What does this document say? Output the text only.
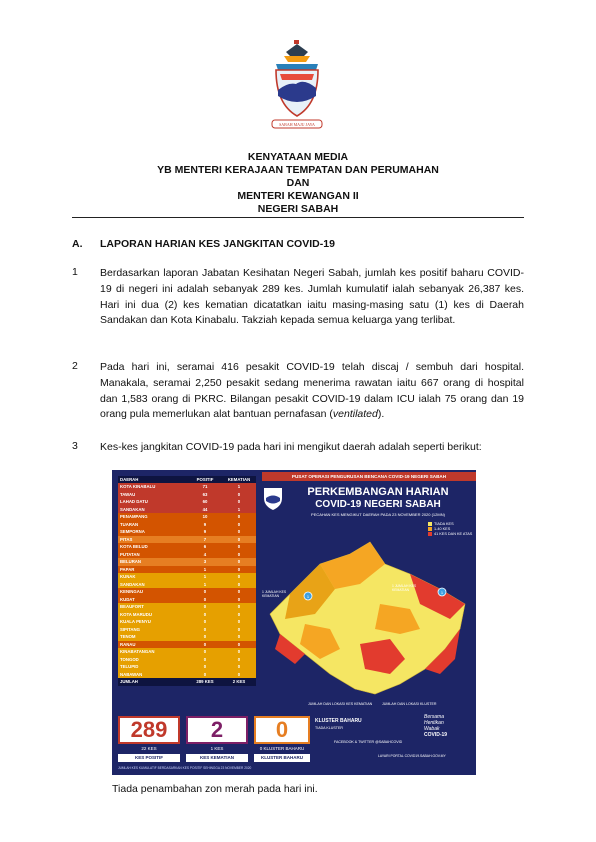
SABAH MAJU JAYA
KENYATAAN MEDIA
YB MENTERI KERAJAAN TEMPATAN DAN PERUMAHAN
DAN
MENTERI KEWANGAN II
NEGERI SABAH
A. LAPORAN HARIAN KES JANGKITAN COVID-19
1 Berdasarkan laporan Jabatan Kesihatan Negeri Sabah, jumlah kes positif baharu COVID-19 di negeri ini adalah sebanyak 289 kes. Jumlah kumulatif ialah sebanyak 26,387 kes. Hari ini dua (2) kes kematian dicatatkan iaitu masing-masing satu (1) kes di Daerah Sandakan dan Kota Kinabalu. Takziah kepada semua keluarga yang terlibat.
2 Pada hari ini, seramai 416 pesakit COVID-19 telah discaj / sembuh dari hospital. Manakala, seramai 2,250 pesakit sedang menerima rawatan iaitu 667 orang di hospital dan 1,583 orang di PKRC. Bilangan pesakit COVID-19 dalam ICU ialah 75 orang dan 19 orang pula memerlukan alat bantuan pernafasan (ventilated).
3 Kes-kes jangkitan COVID-19 pada hari ini mengikut daerah adalah seperti berikut:
PUSAT OPERASI PENGURUSAN BENCANA COVID-19 NEGERI SABAH
DAERAH	POSITIF	KEMATIAN
KOTA KINABALU	71	1
TAWAU	63	0
LAHAD DATU	60	0
SANDAKAN	44	1
PENAMPANG	10	0
TUARAN	9	0
SEMPORNA	9	0
PITAS	7	0
KOTA BELUD	6	0
PUTATAN	4	0
BELURAN	3	0
PAPAR	1	0
KUNAK	1	0
SANDAKAN	1	0
KENINGAU	0	0
KUDAT	0	0
BEAUFORT	0	0
KOTA MARUDU	0	0
KUALA PENYU	0	0
SIPITANG	0	0
TENOM	0	0
RANAU	0	0
KINABATANGAN	0	0
TONGOD	0	0
TELUPID	0	0
NABAWAN	0	0
JUMLAH	289 KES	2 KES
PERKEMBANGAN HARIAN
COVID-19 NEGERI SABAH
PECAHAN KES MENGIKUT DAERAH PADA 23 NOVEMBER 2020 (12MN)
TIADA KES
1-40 KES
41 KES DAN KE ATAS
1
1
1 JUMLAH KES KEMATIAN
1 JUMLAH KES KEMATIAN
JUMLAH DAN LOKASI KES KEMATIAN	JUMLAH DAN LOKASI KLUSTER
289
22 KES
KES POSITIF
2
1 KES
KES KEMATIAN
0
0 KLUSTER BAHARU
KLUSTER BAHARU
KLUSTER BAHARU
TIADA KLUSTER
FACEBOOK & TWITTER @SABAHCOVID
Bersama
Hentikan
Wabak
COVID-19
LAYARI PORTAL COVID19.SABAH.GOV.MY
JUMLAH KES KUMULATIF BERDASARKAN KES POSITIF SEHINGGA 23 NOVEMBER 2020
Tiada penambahan zon merah pada hari ini.
